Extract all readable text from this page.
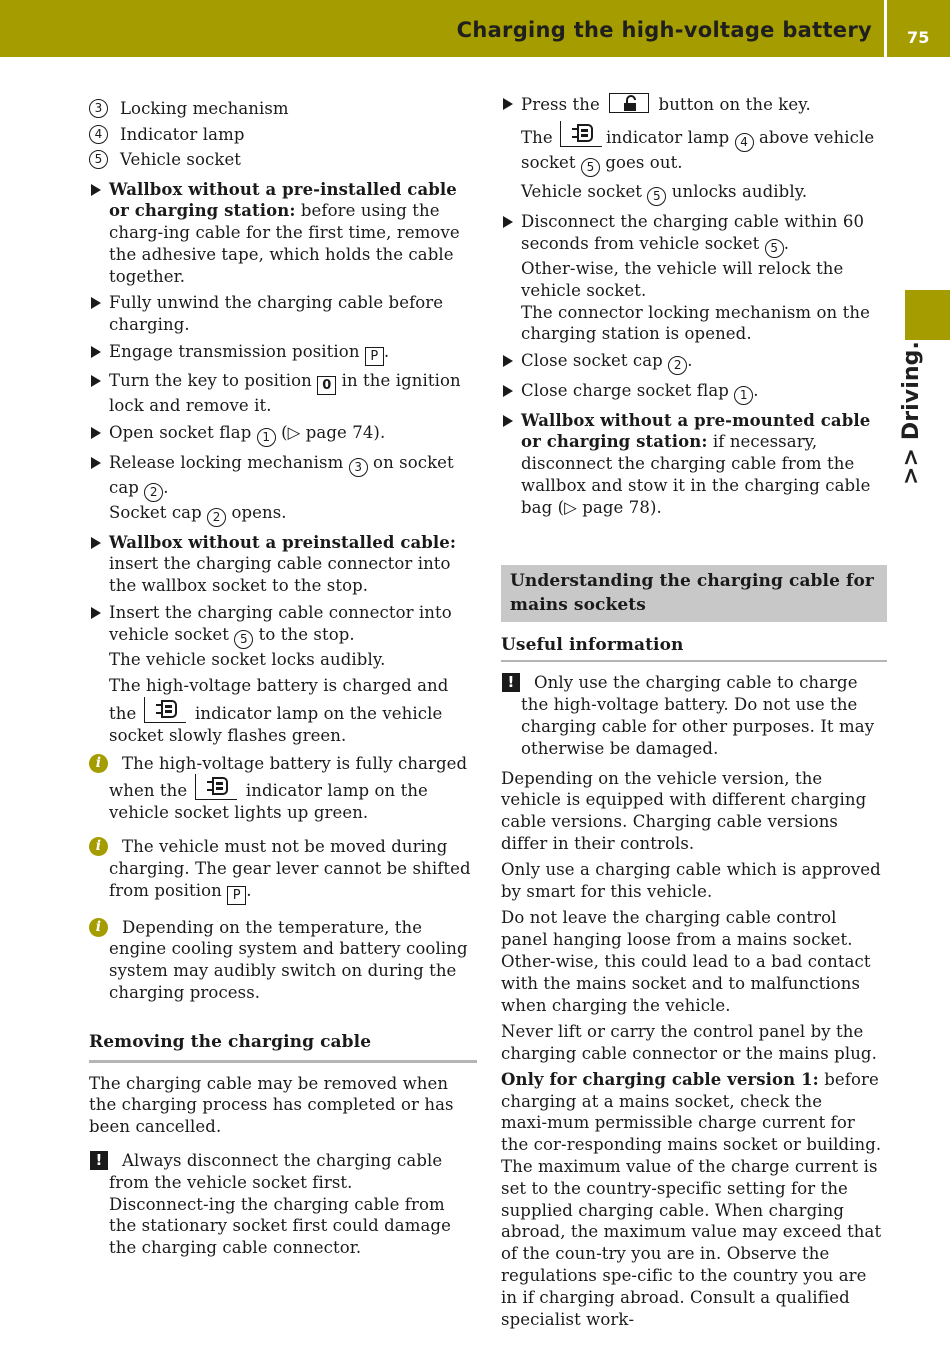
Charging the high-voltage battery 75
>> Driving.
3	Locking mechanism
4	Indicator lamp
5	Vehicle socket
Wallbox without a pre-installed cable or charging station: before using the charg‑ing cable for the first time, remove the adhesive tape, which holds the cable together.
Fully unwind the charging cable before charging.
Engage transmission position P .
Turn the key to position 0 in the ignition lock and remove it.
Open socket flap 1 (▷ page 74).
Release locking mechanism 3 on socket cap 2 .
Socket cap 2 opens.
Wallbox without a preinstalled cable: insert the charging cable connector into the wallbox socket to the stop.
Insert the charging cable connector into vehicle socket 5 to the stop.
The vehicle socket locks audibly.
The high-voltage battery is charged and the	indicator lamp on the vehicle socket slowly flashes green.
i	The high-voltage battery is fully charged when the	indicator lamp on the vehicle socket lights up green.
i	The vehicle must not be moved during charging. The gear lever cannot be shifted from position P .
i	Depending on the temperature, the engine cooling system and battery cooling system may audibly switch on during the charging process.
Removing the charging cable
The charging cable may be removed when the charging process has completed or has been cancelled.
!	Always disconnect the charging cable from the vehicle socket first. Disconnect‑ing the charging cable from the stationary socket first could damage the charging cable connector.
Press the	button on the key.
The	indicator lamp 4 above vehicle socket 5 goes out.
Vehicle socket 5 unlocks audibly.
Disconnect the charging cable within 60 seconds from vehicle socket 5 . Other‑wise, the vehicle will relock the vehicle socket.
The connector locking mechanism on the charging station is opened.
Close socket cap 2 .
Close charge socket flap 1 .
Wallbox without a pre-mounted cable or charging station: if necessary, disconnect the charging cable from the wallbox and stow it in the charging cable bag (▷ page 78).
Understanding the charging cable for mains sockets
Useful information
!	Only use the charging cable to charge the high-voltage battery. Do not use the charging cable for other purposes. It may otherwise be damaged.
Depending on the vehicle version, the vehicle is equipped with different charging cable versions. Charging cable versions differ in their controls.
Only use a charging cable which is approved by smart for this vehicle.
Do not leave the charging cable control panel hanging loose from a mains socket. Other‑wise, this could lead to a bad contact with the mains socket and to malfunctions when charging the vehicle.
Never lift or carry the control panel by the charging cable connector or the mains plug.
Only for charging cable version 1: before charging at a mains socket, check the maxi‑mum permissible charge current for the cor‑responding mains socket or building. The maximum value of the charge current is set to the country-specific setting for the supplied charging cable. When charging abroad, the maximum value may exceed that of the coun‑try you are in. Observe the regulations spe‑cific to the country you are in if charging abroad. Consult a qualified specialist work‑
